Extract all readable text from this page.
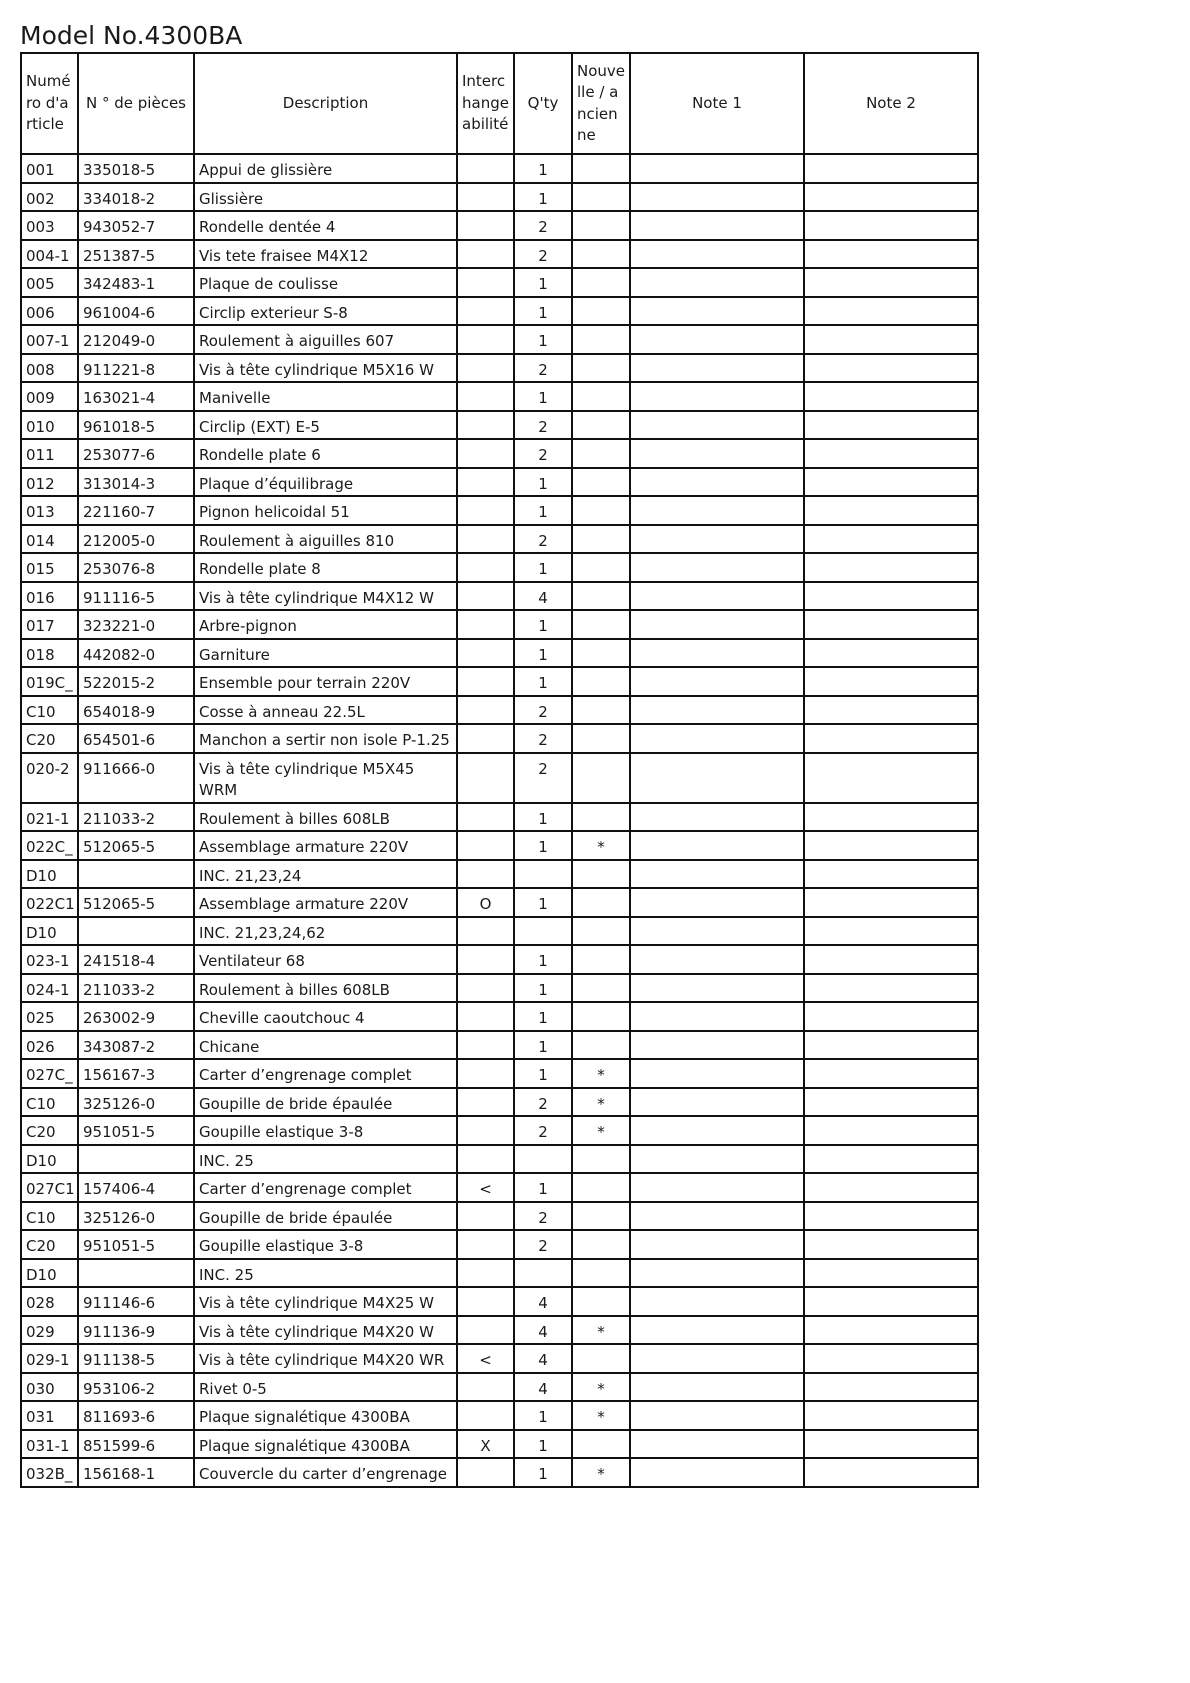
Model No.4300BA
Numéro d'article	N ° de pièces	Description	Interchangeabilité	Q'ty	Nouvelle / ancienne	Note 1	Note 2
001	335018-5	Appui de glissière		1			
002	334018-2	Glissière		1			
003	943052-7	Rondelle dentée 4		2			
004-1	251387-5	Vis tete fraisee M4X12		2			
005	342483-1	Plaque de coulisse		1			
006	961004-6	Circlip exterieur S-8		1			
007-1	212049-0	Roulement à aiguilles 607		1			
008	911221-8	Vis à tête cylindrique M5X16 W		2			
009	163021-4	Manivelle		1			
010	961018-5	Circlip (EXT) E-5		2			
011	253077-6	Rondelle plate 6		2			
012	313014-3	Plaque d’équilibrage		1			
013	221160-7	Pignon helicoidal 51		1			
014	212005-0	Roulement à aiguilles 810		2			
015	253076-8	Rondelle plate 8		1			
016	911116-5	Vis à tête cylindrique M4X12 W		4			
017	323221-0	Arbre-pignon		1			
018	442082-0	Garniture		1			
019C_	522015-2	Ensemble pour terrain 220V		1			
C10	654018-9	Cosse à anneau 22.5L		2			
C20	654501-6	Manchon a sertir non isole P-1.25		2			
020-2	911666-0	Vis à tête cylindrique M5X45 WRM		2			
021-1	211033-2	Roulement à billes 608LB		1			
022C_	512065-5	Assemblage armature 220V		1	*		
D10		INC. 21,23,24					
022C1	512065-5	Assemblage armature 220V	O	1			
D10		INC. 21,23,24,62					
023-1	241518-4	Ventilateur 68		1			
024-1	211033-2	Roulement à billes 608LB		1			
025	263002-9	Cheville caoutchouc 4		1			
026	343087-2	Chicane		1			
027C_	156167-3	Carter d’engrenage complet		1	*		
C10	325126-0	Goupille de bride épaulée		2	*		
C20	951051-5	Goupille elastique 3-8		2	*		
D10		INC. 25					
027C1	157406-4	Carter d’engrenage complet	<	1			
C10	325126-0	Goupille de bride épaulée		2			
C20	951051-5	Goupille elastique 3-8		2			
D10		INC. 25					
028	911146-6	Vis à tête cylindrique M4X25 W		4			
029	911136-9	Vis à tête cylindrique M4X20 W		4	*		
029-1	911138-5	Vis à tête cylindrique M4X20 WR	<	4			
030	953106-2	Rivet 0-5		4	*		
031	811693-6	Plaque signalétique 4300BA		1	*		
031-1	851599-6	Plaque signalétique 4300BA	X	1			
032B_	156168-1	Couvercle du carter d’engrenage		1	*		
